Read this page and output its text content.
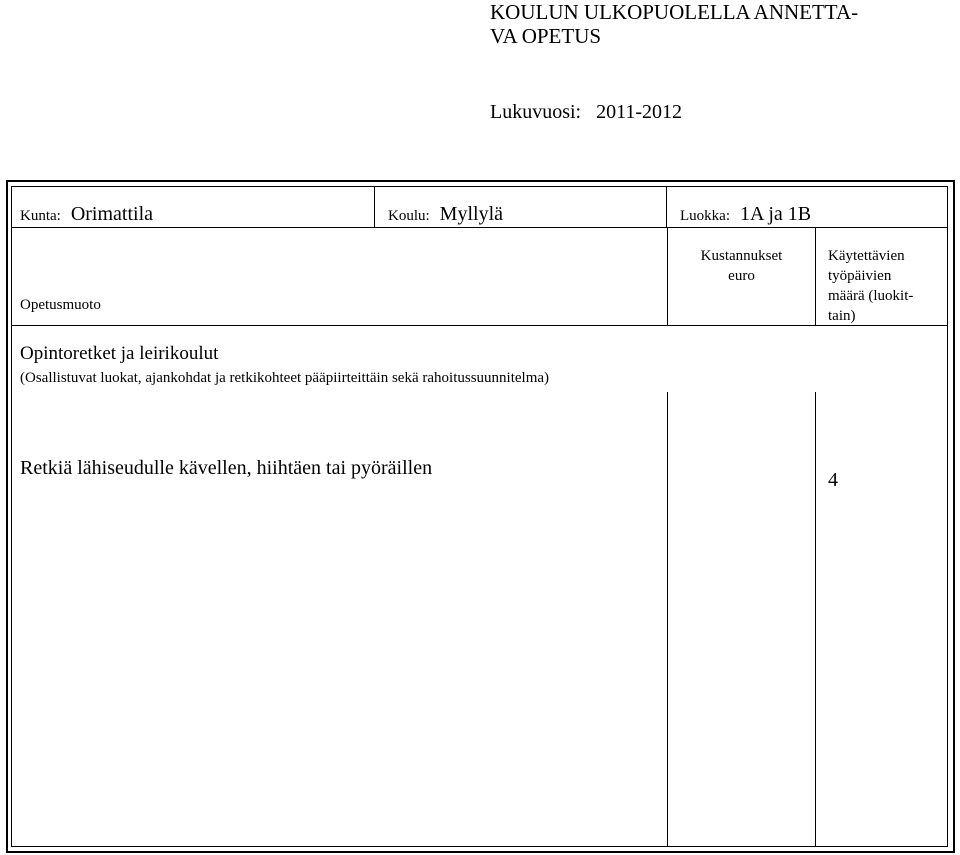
KOULUN ULKOPUOLELLA ANNETTA-
VA OPETUS
Lukuvuosi: 2011-2012
Kunta: Orimattila	Koulu: Myllylä	Luokka: 1A ja 1B
Opetusmuoto
Kustannukset
euro
Käytettävien
työpäivien
määrä (luokit-
tain)
Opintoretket ja leirikoulut
(Osallistuvat luokat, ajankohdat ja retkikohteet pääpiirteittäin sekä rahoitussuunnitelma)
Retkiä lähiseudulle kävellen, hiihtäen tai pyöräillen
4
